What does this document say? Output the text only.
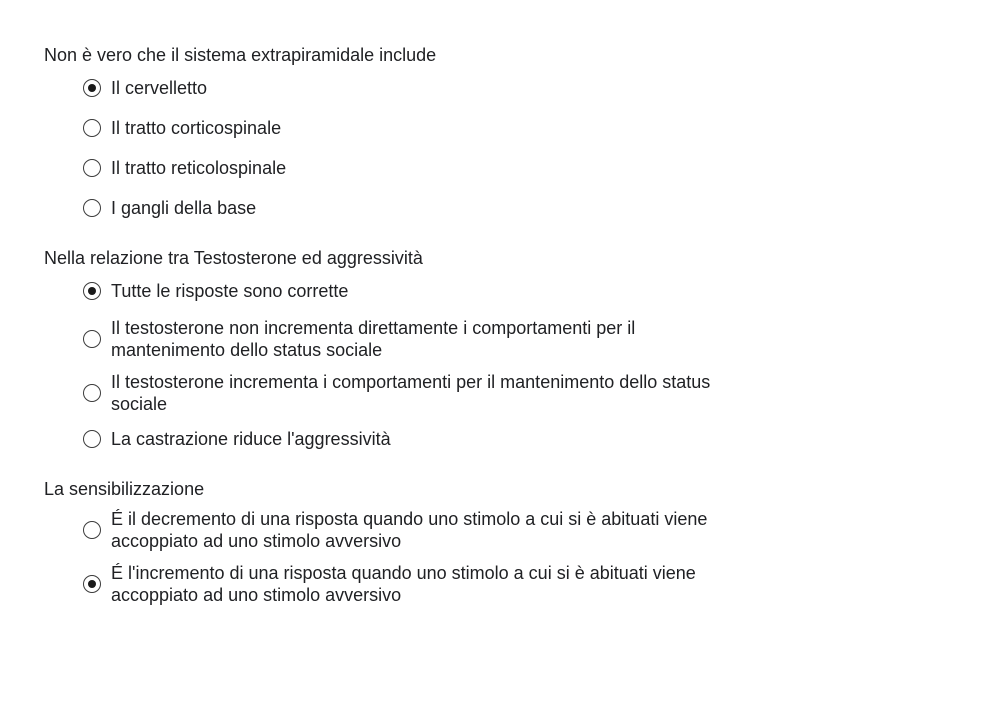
Non è vero che il sistema extrapiramidale include

Il cervelletto
Il tratto corticospinale
Il tratto reticolospinale
I gangli della base

Nella relazione tra Testosterone ed aggressività

Tutte le risposte sono corrette
Il testosterone non incrementa direttamente i comportamenti per il mantenimento dello status sociale
Il testosterone incrementa i comportamenti per il mantenimento dello status sociale
La castrazione riduce l'aggressività

La sensibilizzazione

É il decremento di una risposta quando uno stimolo a cui si è abituati viene accoppiato ad uno stimolo avversivo
É l'incremento di una risposta quando uno stimolo a cui si è abituati viene accoppiato ad uno stimolo avversivo
